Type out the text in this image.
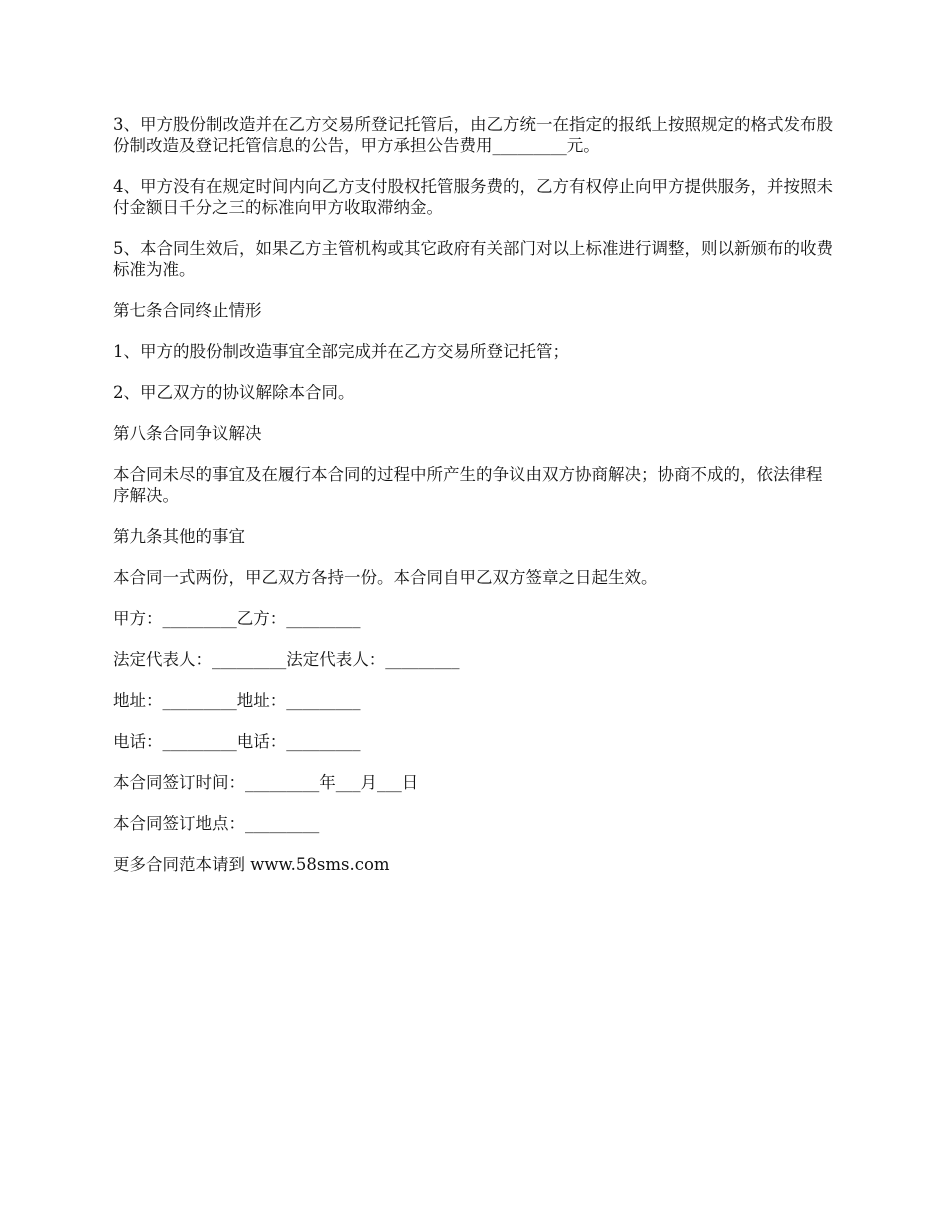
3、甲方股份制改造并在乙方交易所登记托管后，由乙方统一在指定的报纸上按照规定的格式发布股份制改造及登记托管信息的公告，甲方承担公告费用_________元。

4、甲方没有在规定时间内向乙方支付股权托管服务费的，乙方有权停止向甲方提供服务，并按照未付金额日千分之三的标准向甲方收取滞纳金。

5、本合同生效后，如果乙方主管机构或其它政府有关部门对以上标准进行调整，则以新颁布的收费标准为准。

第七条合同终止情形

1、甲方的股份制改造事宜全部完成并在乙方交易所登记托管；

2、甲乙双方的协议解除本合同。

第八条合同争议解决

本合同未尽的事宜及在履行本合同的过程中所产生的争议由双方协商解决；协商不成的，依法律程序解决。

第九条其他的事宜

本合同一式两份，甲乙双方各持一份。本合同自甲乙双方签章之日起生效。

甲方：_________乙方：_________

法定代表人：_________法定代表人：_________

地址：_________地址：_________

电话：_________电话：_________

本合同签订时间：_________年___月___日

本合同签订地点：_________

更多合同范本请到 www.58sms.com
